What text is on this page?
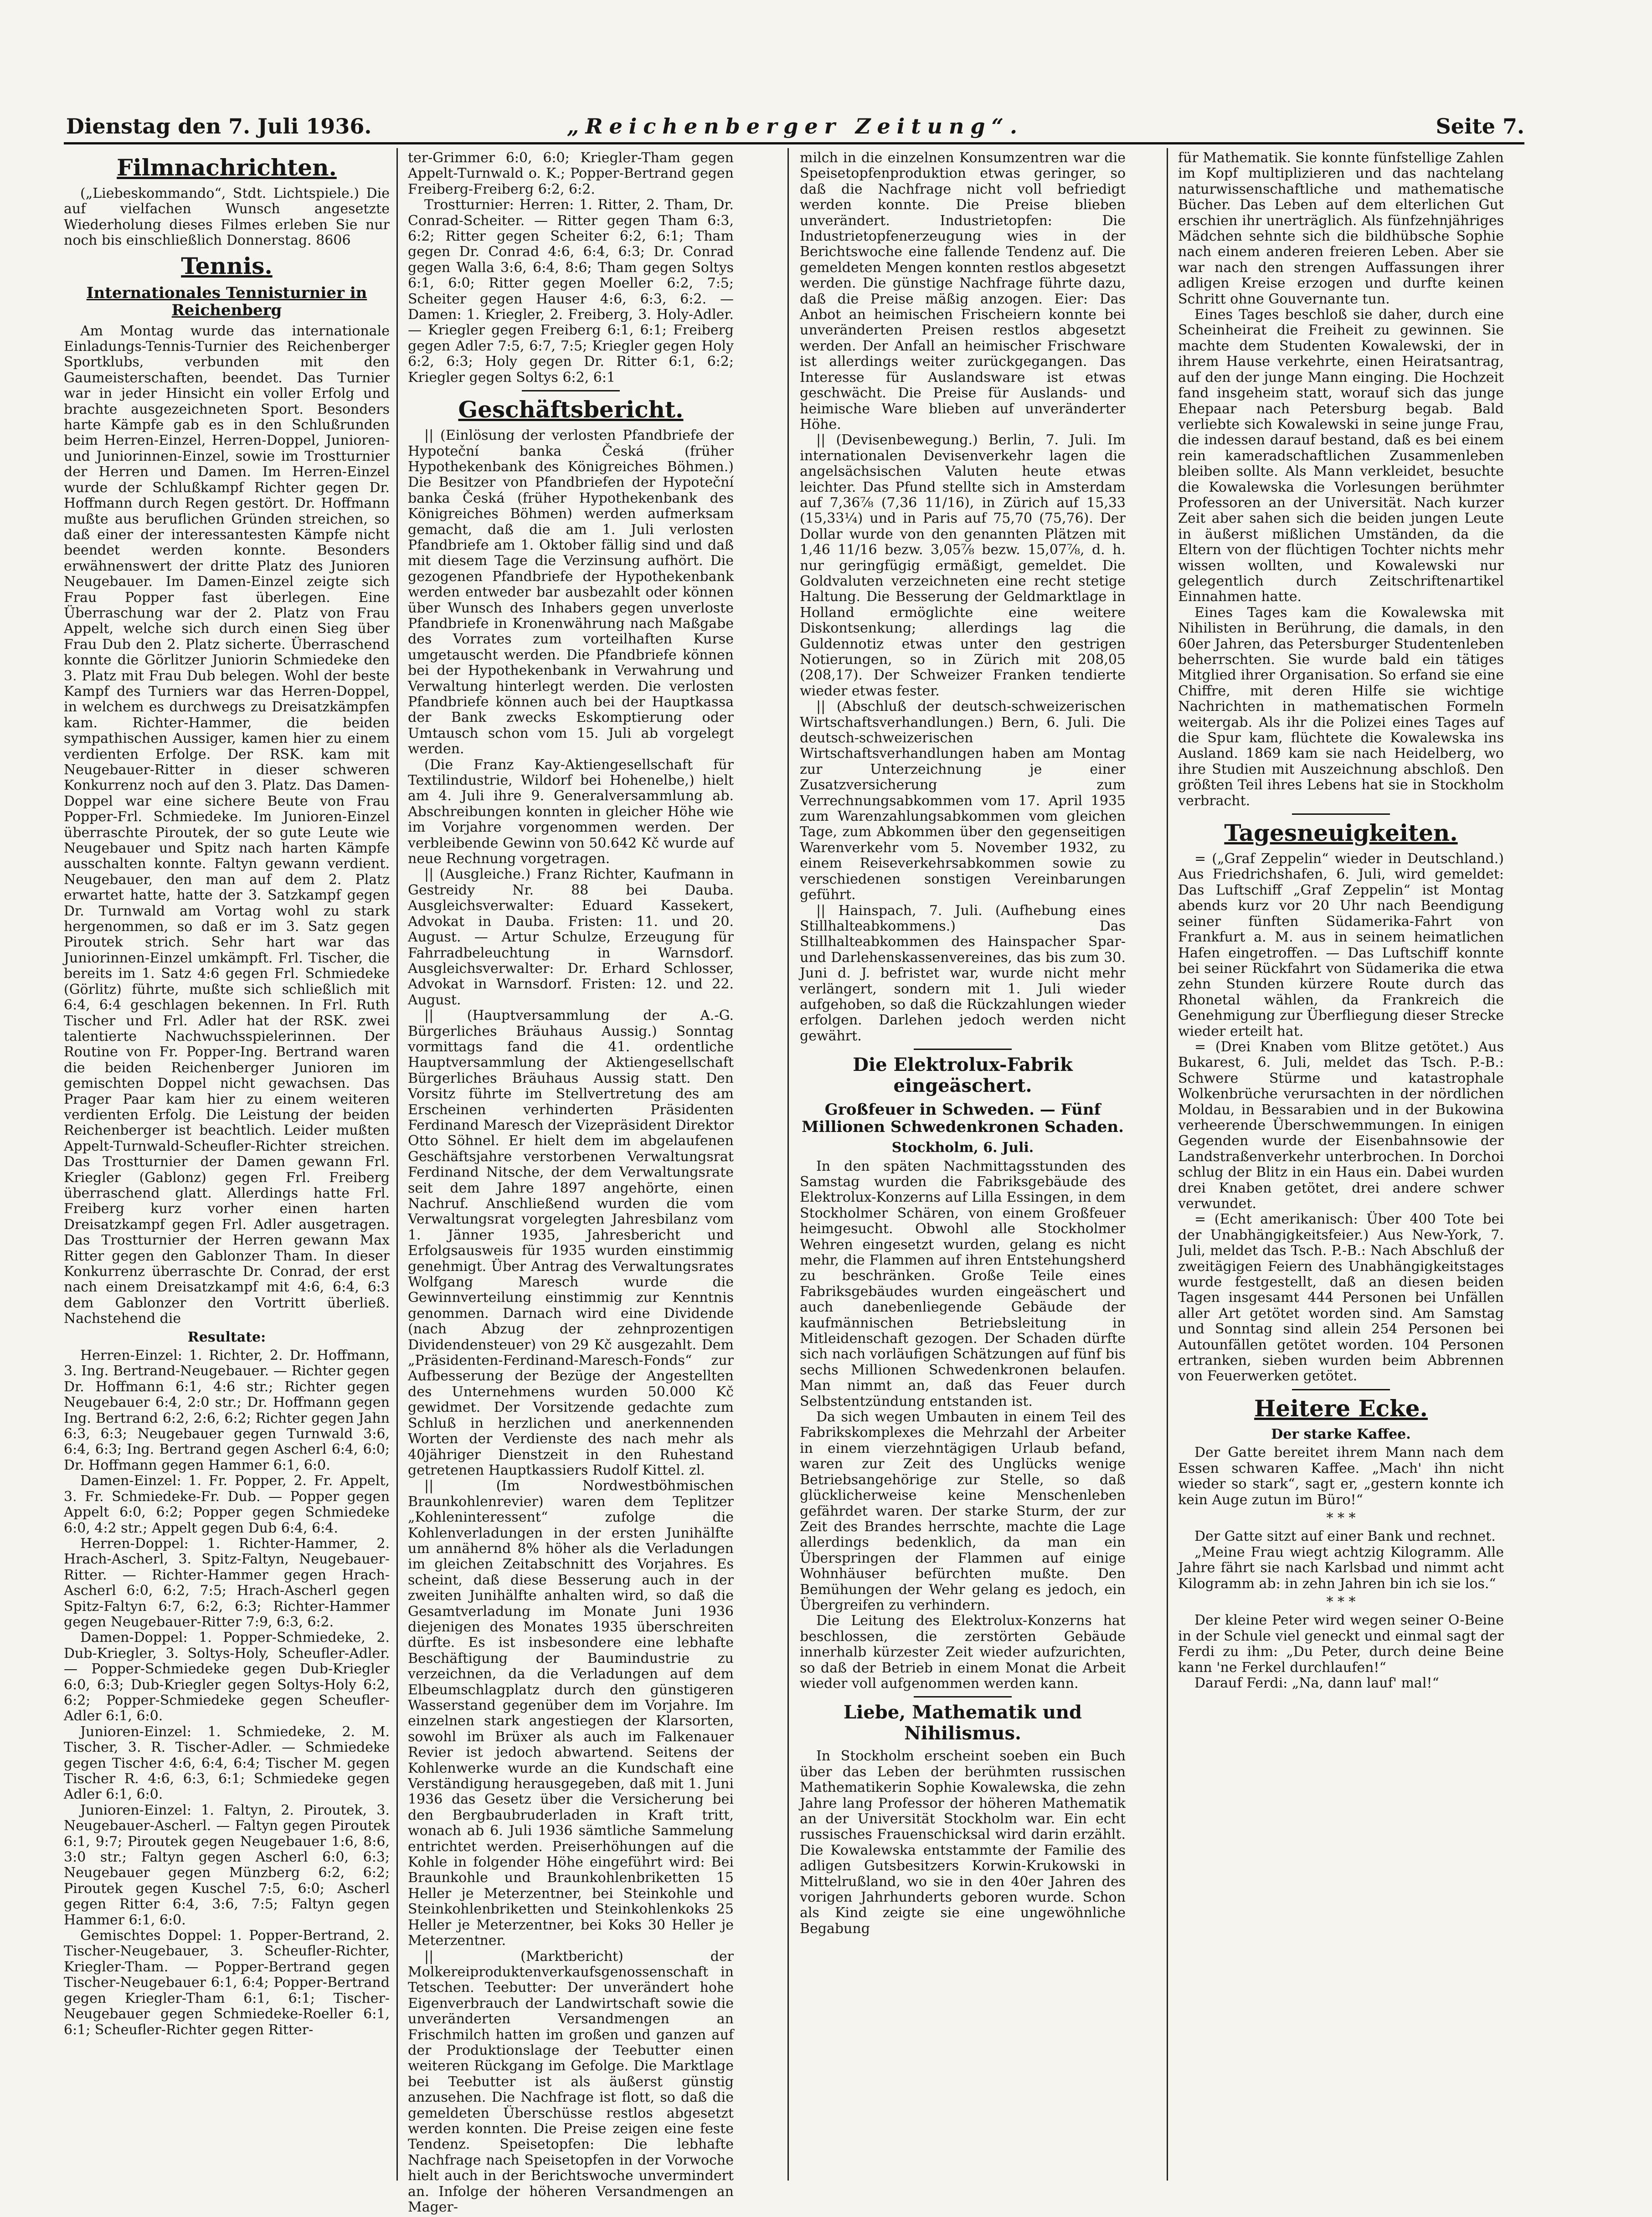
Dienstag den 7. Juli 1936.	„Reichenberger Zeitung“.	Seite 7.
Filmnachrichten.

(„Liebeskommando“, Stdt. Lichtspiele.) Die auf vielfachen Wunsch angesetzte Wiederholung dieses Filmes erleben Sie nur noch bis einschließlich Donnerstag. 8606

Tennis.
Internationales Tennisturnier in Reichenberg

Am Montag wurde das internationale Einladungs-Tennis-Turnier des Reichenberger Sportklubs, verbunden mit den Gaumeisterschaften, beendet. Das Turnier war in jeder Hinsicht ein voller Erfolg und brachte ausgezeichneten Sport. Besonders harte Kämpfe gab es in den Schlußrunden beim Herren-Einzel, Herren-Doppel, Junioren- und Juniorinnen-Einzel, sowie im Trostturnier der Herren und Damen. Im Herren-Einzel wurde der Schlußkampf Richter gegen Dr. Hoffmann durch Regen gestört. Dr. Hoffmann mußte aus beruflichen Gründen streichen, so daß einer der interessantesten Kämpfe nicht beendet werden konnte. Besonders erwähnenswert der dritte Platz des Junioren Neugebauer. Im Damen-Einzel zeigte sich Frau Popper fast überlegen. Eine Überraschung war der 2. Platz von Frau Appelt, welche sich durch einen Sieg über Frau Dub den 2. Platz sicherte. Überraschend konnte die Görlitzer Juniorin Schmiedeke den 3. Platz mit Frau Dub belegen. Wohl der beste Kampf des Turniers war das Herren-Doppel, in welchem es durchwegs zu Dreisatzkämpfen kam. Richter-Hammer, die beiden sympathischen Aussiger, kamen hier zu einem verdienten Erfolge. Der RSK. kam mit Neugebauer-Ritter in dieser schweren Konkurrenz noch auf den 3. Platz. Das Damen-Doppel war eine sichere Beute von Frau Popper-Frl. Schmiedeke. Im Junioren-Einzel überraschte Piroutek, der so gute Leute wie Neugebauer und Spitz nach harten Kämpfe ausschalten konnte. Faltyn gewann verdient. Neugebauer, den man auf dem 2. Platz erwartet hatte, hatte der 3. Satzkampf gegen Dr. Turnwald am Vortag wohl zu stark hergenommen, so daß er im 3. Satz gegen Piroutek strich. Sehr hart war das Juniorinnen-Einzel umkämpft. Frl. Tischer, die bereits im 1. Satz 4:6 gegen Frl. Schmiedeke (Görlitz) führte, mußte sich schließlich mit 6:4, 6:4 geschlagen bekennen. In Frl. Ruth Tischer und Frl. Adler hat der RSK. zwei talentierte Nachwuchsspielerinnen. Der Routine von Fr. Popper-Ing. Bertrand waren die beiden Reichenberger Junioren im gemischten Doppel nicht gewachsen. Das Prager Paar kam hier zu einem weiteren verdienten Erfolg. Die Leistung der beiden Reichenberger ist beachtlich. Leider mußten Appelt-Turnwald-Scheufler-Richter streichen. Das Trostturnier der Damen gewann Frl. Kriegler (Gablonz) gegen Frl. Freiberg überraschend glatt. Allerdings hatte Frl. Freiberg kurz vorher einen harten Dreisatzkampf gegen Frl. Adler ausgetragen. Das Trostturnier der Herren gewann Max Ritter gegen den Gablonzer Tham. In dieser Konkurrenz überraschte Dr. Conrad, der erst nach einem Dreisatzkampf mit 4:6, 6:4, 6:3 dem Gablonzer den Vortritt überließ. Nachstehend die

Resultate:

Herren-Einzel: 1. Richter, 2. Dr. Hoffmann, 3. Ing. Bertrand-Neugebauer. — Richter gegen Dr. Hoffmann 6:1, 4:6 str.; Richter gegen Neugebauer 6:4, 2:0 str.; Dr. Hoffmann gegen Ing. Bertrand 6:2, 2:6, 6:2; Richter gegen Jahn 6:3, 6:3; Neugebauer gegen Turnwald 3:6, 6:4, 6:3; Ing. Bertrand gegen Ascherl 6:4, 6:0; Dr. Hoffmann gegen Hammer 6:1, 6:0.

Damen-Einzel: 1. Fr. Popper, 2. Fr. Appelt, 3. Fr. Schmiedeke-Fr. Dub. — Popper gegen Appelt 6:0, 6:2; Popper gegen Schmiedeke 6:0, 4:2 str.; Appelt gegen Dub 6:4, 6:4.

Herren-Doppel: 1. Richter-Hammer, 2. Hrach-Ascherl, 3. Spitz-Faltyn, Neugebauer-Ritter. — Richter-Hammer gegen Hrach-Ascherl 6:0, 6:2, 7:5; Hrach-Ascherl gegen Spitz-Faltyn 6:7, 6:2, 6:3; Richter-Hammer gegen Neugebauer-Ritter 7:9, 6:3, 6:2.

Damen-Doppel: 1. Popper-Schmiedeke, 2. Dub-Kriegler, 3. Soltys-Holy, Scheufler-Adler. — Popper-Schmiedeke gegen Dub-Kriegler 6:0, 6:3; Dub-Kriegler gegen Soltys-Holy 6:2, 6:2; Popper-Schmiedeke gegen Scheufler-Adler 6:1, 6:0.

Junioren-Einzel: 1. Schmiedeke, 2. M. Tischer, 3. R. Tischer-Adler. — Schmiedeke gegen Tischer 4:6, 6:4, 6:4; Tischer M. gegen Tischer R. 4:6, 6:3, 6:1; Schmiedeke gegen Adler 6:1, 6:0.

Junioren-Einzel: 1. Faltyn, 2. Piroutek, 3. Neugebauer-Ascherl. — Faltyn gegen Piroutek 6:1, 9:7; Piroutek gegen Neugebauer 1:6, 8:6, 3:0 str.; Faltyn gegen Ascherl 6:0, 6:3; Neugebauer gegen Münzberg 6:2, 6:2; Piroutek gegen Kuschel 7:5, 6:0; Ascherl gegen Ritter 6:4, 3:6, 7:5; Faltyn gegen Hammer 6:1, 6:0.

Gemischtes Doppel: 1. Popper-Bertrand, 2. Tischer-Neugebauer, 3. Scheufler-Richter, Kriegler-Tham. — Popper-Bertrand gegen Tischer-Neugebauer 6:1, 6:4; Popper-Bertrand gegen Kriegler-Tham 6:1, 6:1; Tischer-Neugebauer gegen Schmiedeke-Roeller 6:1, 6:1; Scheufler-Richter gegen Ritter-

ter-Grimmer 6:0, 6:0; Kriegler-Tham gegen Appelt-Turnwald o. K.; Popper-Bertrand gegen Freiberg-Freiberg 6:2, 6:2.

Trostturnier: Herren: 1. Ritter, 2. Tham, Dr. Conrad-Scheiter. — Ritter gegen Tham 6:3, 6:2; Ritter gegen Scheiter 6:2, 6:1; Tham gegen Dr. Conrad 4:6, 6:4, 6:3; Dr. Conrad gegen Walla 3:6, 6:4, 8:6; Tham gegen Soltys 6:1, 6:0; Ritter gegen Moeller 6:2, 7:5; Scheiter gegen Hauser 4:6, 6:3, 6:2. — Damen: 1. Kriegler, 2. Freiberg, 3. Holy-Adler. — Kriegler gegen Freiberg 6:1, 6:1; Freiberg gegen Adler 7:5, 6:7, 7:5; Kriegler gegen Holy 6:2, 6:3; Holy gegen Dr. Ritter 6:1, 6:2; Kriegler gegen Soltys 6:2, 6:1

Geschäftsbericht.

|| (Einlösung der verlosten Pfandbriefe der Hypoteční banka Česká (früher Hypothekenbank des Königreiches Böhmen.) Die Besitzer von Pfandbriefen der Hypoteční banka Česká (früher Hypothekenbank des Königreiches Böhmen) werden aufmerksam gemacht, daß die am 1. Juli verlosten Pfandbriefe am 1. Oktober fällig sind und daß mit diesem Tage die Verzinsung aufhört. Die gezogenen Pfandbriefe der Hypothekenbank werden entweder bar ausbezahlt oder können über Wunsch des Inhabers gegen unverloste Pfandbriefe in Kronenwährung nach Maßgabe des Vorrates zum vorteilhaften Kurse umgetauscht werden. Die Pfandbriefe können bei der Hypothekenbank in Verwahrung und Verwaltung hinterlegt werden. Die verlosten Pfandbriefe können auch bei der Hauptkassa der Bank zwecks Eskomptierung oder Umtausch schon vom 15. Juli ab vorgelegt werden.

(Die Franz Kay-Aktiengesellschaft für Textilindustrie, Wildorf bei Hohenelbe,) hielt am 4. Juli ihre 9. Generalversammlung ab. Abschreibungen konnten in gleicher Höhe wie im Vorjahre vorgenommen werden. Der verbleibende Gewinn von 50.642 Kč wurde auf neue Rechnung vorgetragen.

|| (Ausgleiche.) Franz Richter, Kaufmann in Gestreidy Nr. 88 bei Dauba. Ausgleichsverwalter: Eduard Kassekert, Advokat in Dauba. Fristen: 11. und 20. August. — Artur Schulze, Erzeugung für Fahrradbeleuchtung in Warnsdorf. Ausgleichsverwalter: Dr. Erhard Schlosser, Advokat in Warnsdorf. Fristen: 12. und 22. August.

|| (Hauptversammlung der A.-G. Bürgerliches Bräuhaus Aussig.) Sonntag vormittags fand die 41. ordentliche Hauptversammlung der Aktiengesellschaft Bürgerliches Bräuhaus Aussig statt. Den Vorsitz führte im Stellvertretung des am Erscheinen verhinderten Präsidenten Ferdinand Maresch der Vizepräsident Direktor Otto Söhnel. Er hielt dem im abgelaufenen Geschäftsjahre verstorbenen Verwaltungsrat Ferdinand Nitsche, der dem Verwaltungsrate seit dem Jahre 1897 angehörte, einen Nachruf. Anschließend wurden die vom Verwaltungsrat vorgelegten Jahresbilanz vom 1. Jänner 1935, Jahresbericht und Erfolgsausweis für 1935 wurden einstimmig genehmigt. Über Antrag des Verwaltungsrates Wolfgang Maresch wurde die Gewinnverteilung einstimmig zur Kenntnis genommen. Darnach wird eine Dividende (nach Abzug der zehnprozentigen Dividendensteuer) von 29 Kč ausgezahlt. Dem „Präsidenten-Ferdinand-Maresch-Fonds“ zur Aufbesserung der Bezüge der Angestellten des Unternehmens wurden 50.000 Kč gewidmet. Der Vorsitzende gedachte zum Schluß in herzlichen und anerkennenden Worten der Verdienste des nach mehr als 40jähriger Dienstzeit in den Ruhestand getretenen Hauptkassiers Rudolf Kittel. zl.

|| (Im Nordwestböhmischen Braunkohlenrevier) waren dem Teplitzer „Kohleninteressent“ zufolge die Kohlenverladungen in der ersten Junihälfte um annähernd 8% höher als die Verladungen im gleichen Zeitabschnitt des Vorjahres. Es scheint, daß diese Besserung auch in der zweiten Junihälfte anhalten wird, so daß die Gesamtverladung im Monate Juni 1936 diejenigen des Monates 1935 überschreiten dürfte. Es ist insbesondere eine lebhafte Beschäftigung der Baumindustrie zu verzeichnen, da die Verladungen auf dem Elbeumschlagplatz durch den günstigeren Wasserstand gegenüber dem im Vorjahre. Im einzelnen stark angestiegen der Klarsorten, sowohl im Brüxer als auch im Falkenauer Revier ist jedoch abwartend. Seitens der Kohlenwerke wurde an die Kundschaft eine Verständigung herausgegeben, daß mit 1. Juni 1936 das Gesetz über die Versicherung bei den Bergbaubruderladen in Kraft tritt, wonach ab 6. Juli 1936 sämtliche Sammelung entrichtet werden. Preiserhöhungen auf die Kohle in folgender Höhe eingeführt wird: Bei Braunkohle und Braunkohlenbriketten 15 Heller je Meterzentner, bei Steinkohle und Steinkohlenbriketten und Steinkohlenkoks 25 Heller je Meterzentner, bei Koks 30 Heller je Meterzentner.

|| (Marktbericht) der Molkereiproduktenverkaufsgenossenschaft in Tetschen. Teebutter: Der unverändert hohe Eigenverbrauch der Landwirtschaft sowie die unveränderten Versandmengen an Frischmilch hatten im großen und ganzen auf der Produktionslage der Teebutter einen weiteren Rückgang im Gefolge. Die Marktlage bei Teebutter ist als äußerst günstig anzusehen. Die Nachfrage ist flott, so daß die gemeldeten Überschüsse restlos abgesetzt werden konnten. Die Preise zeigen eine feste Tendenz. Speisetopfen: Die lebhafte Nachfrage nach Speisetopfen in der Vorwoche hielt auch in der Berichtswoche unvermindert an. Infolge der höheren Versandmengen an Mager-

milch in die einzelnen Konsumzentren war die Speisetopfenproduktion etwas geringer, so daß die Nachfrage nicht voll befriedigt werden konnte. Die Preise blieben unverändert. Industrietopfen: Die Industrietopfenerzeugung wies in der Berichtswoche eine fallende Tendenz auf. Die gemeldeten Mengen konnten restlos abgesetzt werden. Die günstige Nachfrage führte dazu, daß die Preise mäßig anzogen. Eier: Das Anbot an heimischen Frischeiern konnte bei unveränderten Preisen restlos abgesetzt werden. Der Anfall an heimischer Frischware ist allerdings weiter zurückgegangen. Das Interesse für Auslandsware ist etwas geschwächt. Die Preise für Auslands- und heimische Ware blieben auf unveränderter Höhe.

|| (Devisenbewegung.) Berlin, 7. Juli. Im internationalen Devisenverkehr lagen die angelsächsischen Valuten heute etwas leichter. Das Pfund stellte sich in Amsterdam auf 7,36⅞ (7,36 11/16), in Zürich auf 15,33 (15,33¼) und in Paris auf 75,70 (75,76). Der Dollar wurde von den genannten Plätzen mit 1,46 11/16 bezw. 3,05⅞ bezw. 15,07⅞, d. h. nur geringfügig ermäßigt, gemeldet. Die Goldvaluten verzeichneten eine recht stetige Haltung. Die Besserung der Geldmarktlage in Holland ermöglichte eine weitere Diskontsenkung; allerdings lag die Guldennotiz etwas unter den gestrigen Notierungen, so in Zürich mit 208,05 (208,17). Der Schweizer Franken tendierte wieder etwas fester.

|| (Abschluß der deutsch-schweizerischen Wirtschaftsverhandlungen.) Bern, 6. Juli. Die deutsch-schweizerischen Wirtschaftsverhandlungen haben am Montag zur Unterzeichnung je einer Zusatzversicherung zum Verrechnungsabkommen vom 17. April 1935 zum Warenzahlungsabkommen vom gleichen Tage, zum Abkommen über den gegenseitigen Warenverkehr vom 5. November 1932, zu einem Reiseverkehrsabkommen sowie zu verschiedenen sonstigen Vereinbarungen geführt.

|| Hainspach, 7. Juli. (Aufhebung eines Stillhalteabkommens.) Das Stillhalteabkommen des Hainspacher Spar- und Darlehenskassenvereines, das bis zum 30. Juni d. J. befristet war, wurde nicht mehr verlängert, sondern mit 1. Juli wieder aufgehoben, so daß die Rückzahlungen wieder erfolgen. Darlehen jedoch werden nicht gewährt.

Die Elektrolux-Fabrik eingeäschert.
Großfeuer in Schweden. — Fünf Millionen Schwedenkronen Schaden.
Stockholm, 6. Juli.

In den späten Nachmittagsstunden des Samstag wurden die Fabriksgebäude des Elektrolux-Konzerns auf Lilla Essingen, in dem Stockholmer Schären, von einem Großfeuer heimgesucht. Obwohl alle Stockholmer Wehren eingesetzt wurden, gelang es nicht mehr, die Flammen auf ihren Entstehungsherd zu beschränken. Große Teile eines Fabriksgebäudes wurden eingeäschert und auch danebenliegende Gebäude der kaufmännischen Betriebsleitung in Mitleidenschaft gezogen. Der Schaden dürfte sich nach vorläufigen Schätzungen auf fünf bis sechs Millionen Schwedenkronen belaufen. Man nimmt an, daß das Feuer durch Selbstentzündung entstanden ist.

Da sich wegen Umbauten in einem Teil des Fabrikskomplexes die Mehrzahl der Arbeiter in einem vierzehntägigen Urlaub befand, waren zur Zeit des Unglücks wenige Betriebsangehörige zur Stelle, so daß glücklicherweise keine Menschenleben gefährdet waren. Der starke Sturm, der zur Zeit des Brandes herrschte, machte die Lage allerdings bedenklich, da man ein Überspringen der Flammen auf einige Wohnhäuser befürchten mußte. Den Bemühungen der Wehr gelang es jedoch, ein Übergreifen zu verhindern.

Die Leitung des Elektrolux-Konzerns hat beschlossen, die zerstörten Gebäude innerhalb kürzester Zeit wieder aufzurichten, so daß der Betrieb in einem Monat die Arbeit wieder voll aufgenommen werden kann.

Liebe, Mathematik und Nihilismus.

In Stockholm erscheint soeben ein Buch über das Leben der berühmten russischen Mathematikerin Sophie Kowalewska, die zehn Jahre lang Professor der höheren Mathematik an der Universität Stockholm war. Ein echt russisches Frauenschicksal wird darin erzählt. Die Kowalewska entstammte der Familie des adligen Gutsbesitzers Korwin-Krukowski in Mittelrußland, wo sie in den 40er Jahren des vorigen Jahrhunderts geboren wurde. Schon als Kind zeigte sie eine ungewöhnliche Begabung

für Mathematik. Sie konnte fünfstellige Zahlen im Kopf multiplizieren und das nachtelang naturwissenschaftliche und mathematische Bücher. Das Leben auf dem elterlichen Gut erschien ihr unerträglich. Als fünfzehnjähriges Mädchen sehnte sich die bildhübsche Sophie nach einem anderen freieren Leben. Aber sie war nach den strengen Auffassungen ihrer adligen Kreise erzogen und durfte keinen Schritt ohne Gouvernante tun.

Eines Tages beschloß sie daher, durch eine Scheinheirat die Freiheit zu gewinnen. Sie machte dem Studenten Kowalewski, der in ihrem Hause verkehrte, einen Heiratsantrag, auf den der junge Mann einging. Die Hochzeit fand insgeheim statt, worauf sich das junge Ehepaar nach Petersburg begab. Bald verliebte sich Kowalewski in seine junge Frau, die indessen darauf bestand, daß es bei einem rein kameradschaftlichen Zusammenleben bleiben sollte. Als Mann verkleidet, besuchte die Kowalewska die Vorlesungen berühmter Professoren an der Universität. Nach kurzer Zeit aber sahen sich die beiden jungen Leute in äußerst mißlichen Umständen, da die Eltern von der flüchtigen Tochter nichts mehr wissen wollten, und Kowalewski nur gelegentlich durch Zeitschriftenartikel Einnahmen hatte.

Eines Tages kam die Kowalewska mit Nihilisten in Berührung, die damals, in den 60er Jahren, das Petersburger Studentenleben beherrschten. Sie wurde bald ein tätiges Mitglied ihrer Organisation. So erfand sie eine Chiffre, mit deren Hilfe sie wichtige Nachrichten in mathematischen Formeln weitergab. Als ihr die Polizei eines Tages auf die Spur kam, flüchtete die Kowalewska ins Ausland. 1869 kam sie nach Heidelberg, wo ihre Studien mit Auszeichnung abschloß. Den größten Teil ihres Lebens hat sie in Stockholm verbracht.

Tagesneuigkeiten.

= („Graf Zeppelin“ wieder in Deutschland.) Aus Friedrichshafen, 6. Juli, wird gemeldet: Das Luftschiff „Graf Zeppelin“ ist Montag abends kurz vor 20 Uhr nach Beendigung seiner fünften Südamerika-Fahrt von Frankfurt a. M. aus in seinem heimatlichen Hafen eingetroffen. — Das Luftschiff konnte bei seiner Rückfahrt von Südamerika die etwa zehn Stunden kürzere Route durch das Rhonetal wählen, da Frankreich die Genehmigung zur Überfliegung dieser Strecke wieder erteilt hat.

= (Drei Knaben vom Blitze getötet.) Aus Bukarest, 6. Juli, meldet das Tsch. P.-B.: Schwere Stürme und katastrophale Wolkenbrüche verursachten in der nördlichen Moldau, in Bessarabien und in der Bukowina verheerende Überschwemmungen. In einigen Gegenden wurde der Eisenbahnsowie der Landstraßenverkehr unterbrochen. In Dorchoi schlug der Blitz in ein Haus ein. Dabei wurden drei Knaben getötet, drei andere schwer verwundet.

= (Echt amerikanisch: Über 400 Tote bei der Unabhängigkeitsfeier.) Aus New-York, 7. Juli, meldet das Tsch. P.-B.: Nach Abschluß der zweitägigen Feiern des Unabhängigkeitstages wurde festgestellt, daß an diesen beiden Tagen insgesamt 444 Personen bei Unfällen aller Art getötet worden sind. Am Samstag und Sonntag sind allein 254 Personen bei Autounfällen getötet worden. 104 Personen ertranken, sieben wurden beim Abbrennen von Feuerwerken getötet.

Heitere Ecke.
Der starke Kaffee.

Der Gatte bereitet ihrem Mann nach dem Essen schwaren Kaffee. „Mach' ihn nicht wieder so stark“, sagt er, „gestern konnte ich kein Auge zutun im Büro!“

* * *

Der Gatte sitzt auf einer Bank und rechnet.

„Meine Frau wiegt achtzig Kilogramm. Alle Jahre fährt sie nach Karlsbad und nimmt acht Kilogramm ab: in zehn Jahren bin ich sie los.“

* * *

Der kleine Peter wird wegen seiner O-Beine in der Schule viel geneckt und einmal sagt der Ferdi zu ihm: „Du Peter, durch deine Beine kann 'ne Ferkel durchlaufen!“

Darauf Ferdi: „Na, dann lauf' mal!“
